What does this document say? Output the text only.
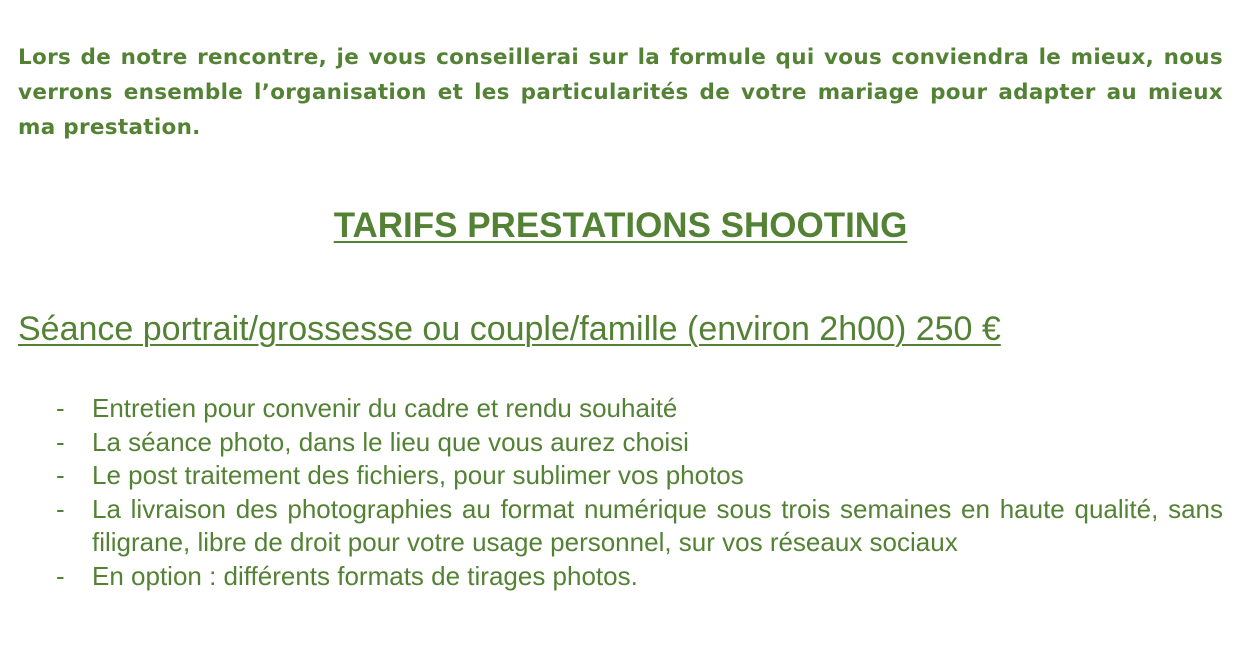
Lors de notre rencontre, je vous conseillerai sur la formule qui vous conviendra le mieux, nous verrons ensemble l’organisation et les particularités de votre mariage pour adapter au mieux ma prestation.

TARIFS PRESTATIONS SHOOTING
Séance portrait/grossesse ou couple/famille (environ 2h00) 250 €
- Entretien pour convenir du cadre et rendu souhaité
- La séance photo, dans le lieu que vous aurez choisi
- Le post traitement des fichiers, pour sublimer vos photos
- La livraison des photographies au format numérique sous trois semaines en haute qualité, sans filigrane, libre de droit pour votre usage personnel, sur vos réseaux sociaux
- En option : différents formats de tirages photos.
